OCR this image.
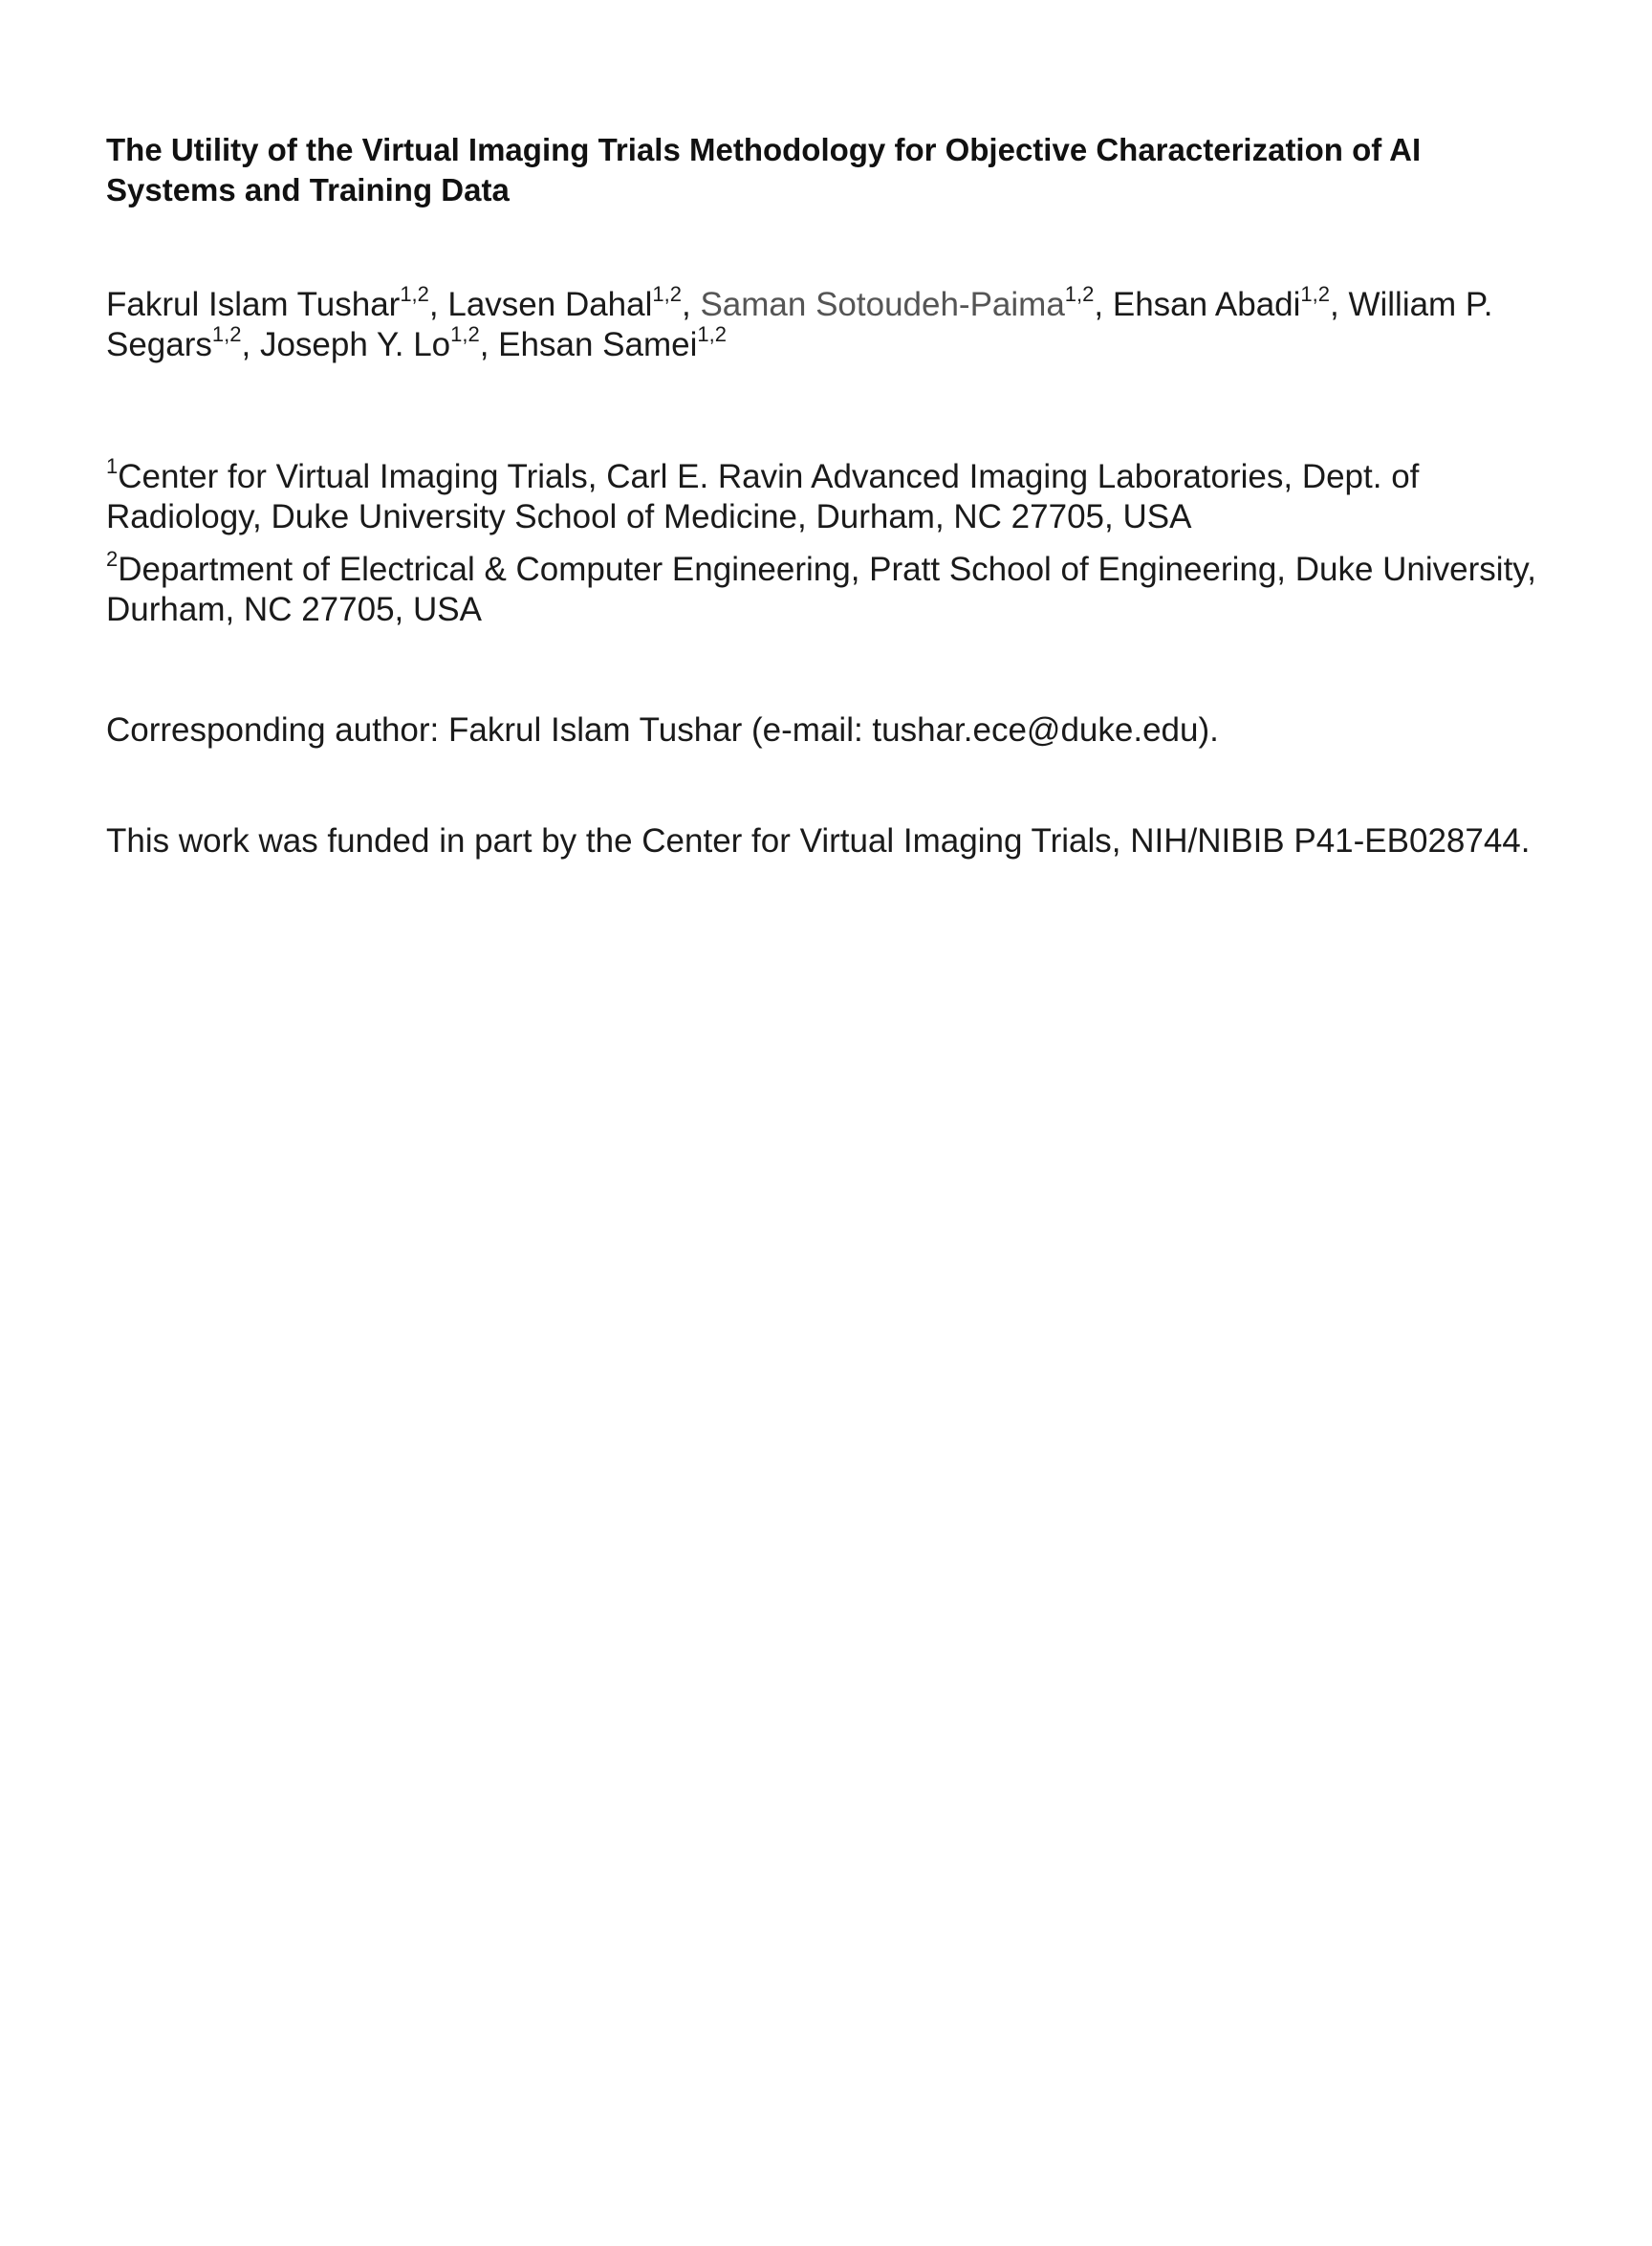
The Utility of the Virtual Imaging Trials Methodology for Objective Characterization of AI Systems and Training Data

Fakrul Islam Tushar$^{1,2}$, Lavsen Dahal$^{1,2}$, Saman Sotoudeh-Paima$^{1,2}$, Ehsan Abadi$^{1,2}$, William P. Segars$^{1,2}$, Joseph Y. Lo$^{1,2}$, Ehsan Samei$^{1,2}$

$^1$Center for Virtual Imaging Trials, Carl E. Ravin Advanced Imaging Laboratories, Dept. of Radiology, Duke University School of Medicine, Durham, NC 27705, USA

$^2$Department of Electrical & Computer Engineering, Pratt School of Engineering, Duke University, Durham, NC 27705, USA

Corresponding author: Fakrul Islam Tushar (e-mail: tushar.ece@duke.edu).

This work was funded in part by the Center for Virtual Imaging Trials, NIH/NIBIB P41-EB028744.
